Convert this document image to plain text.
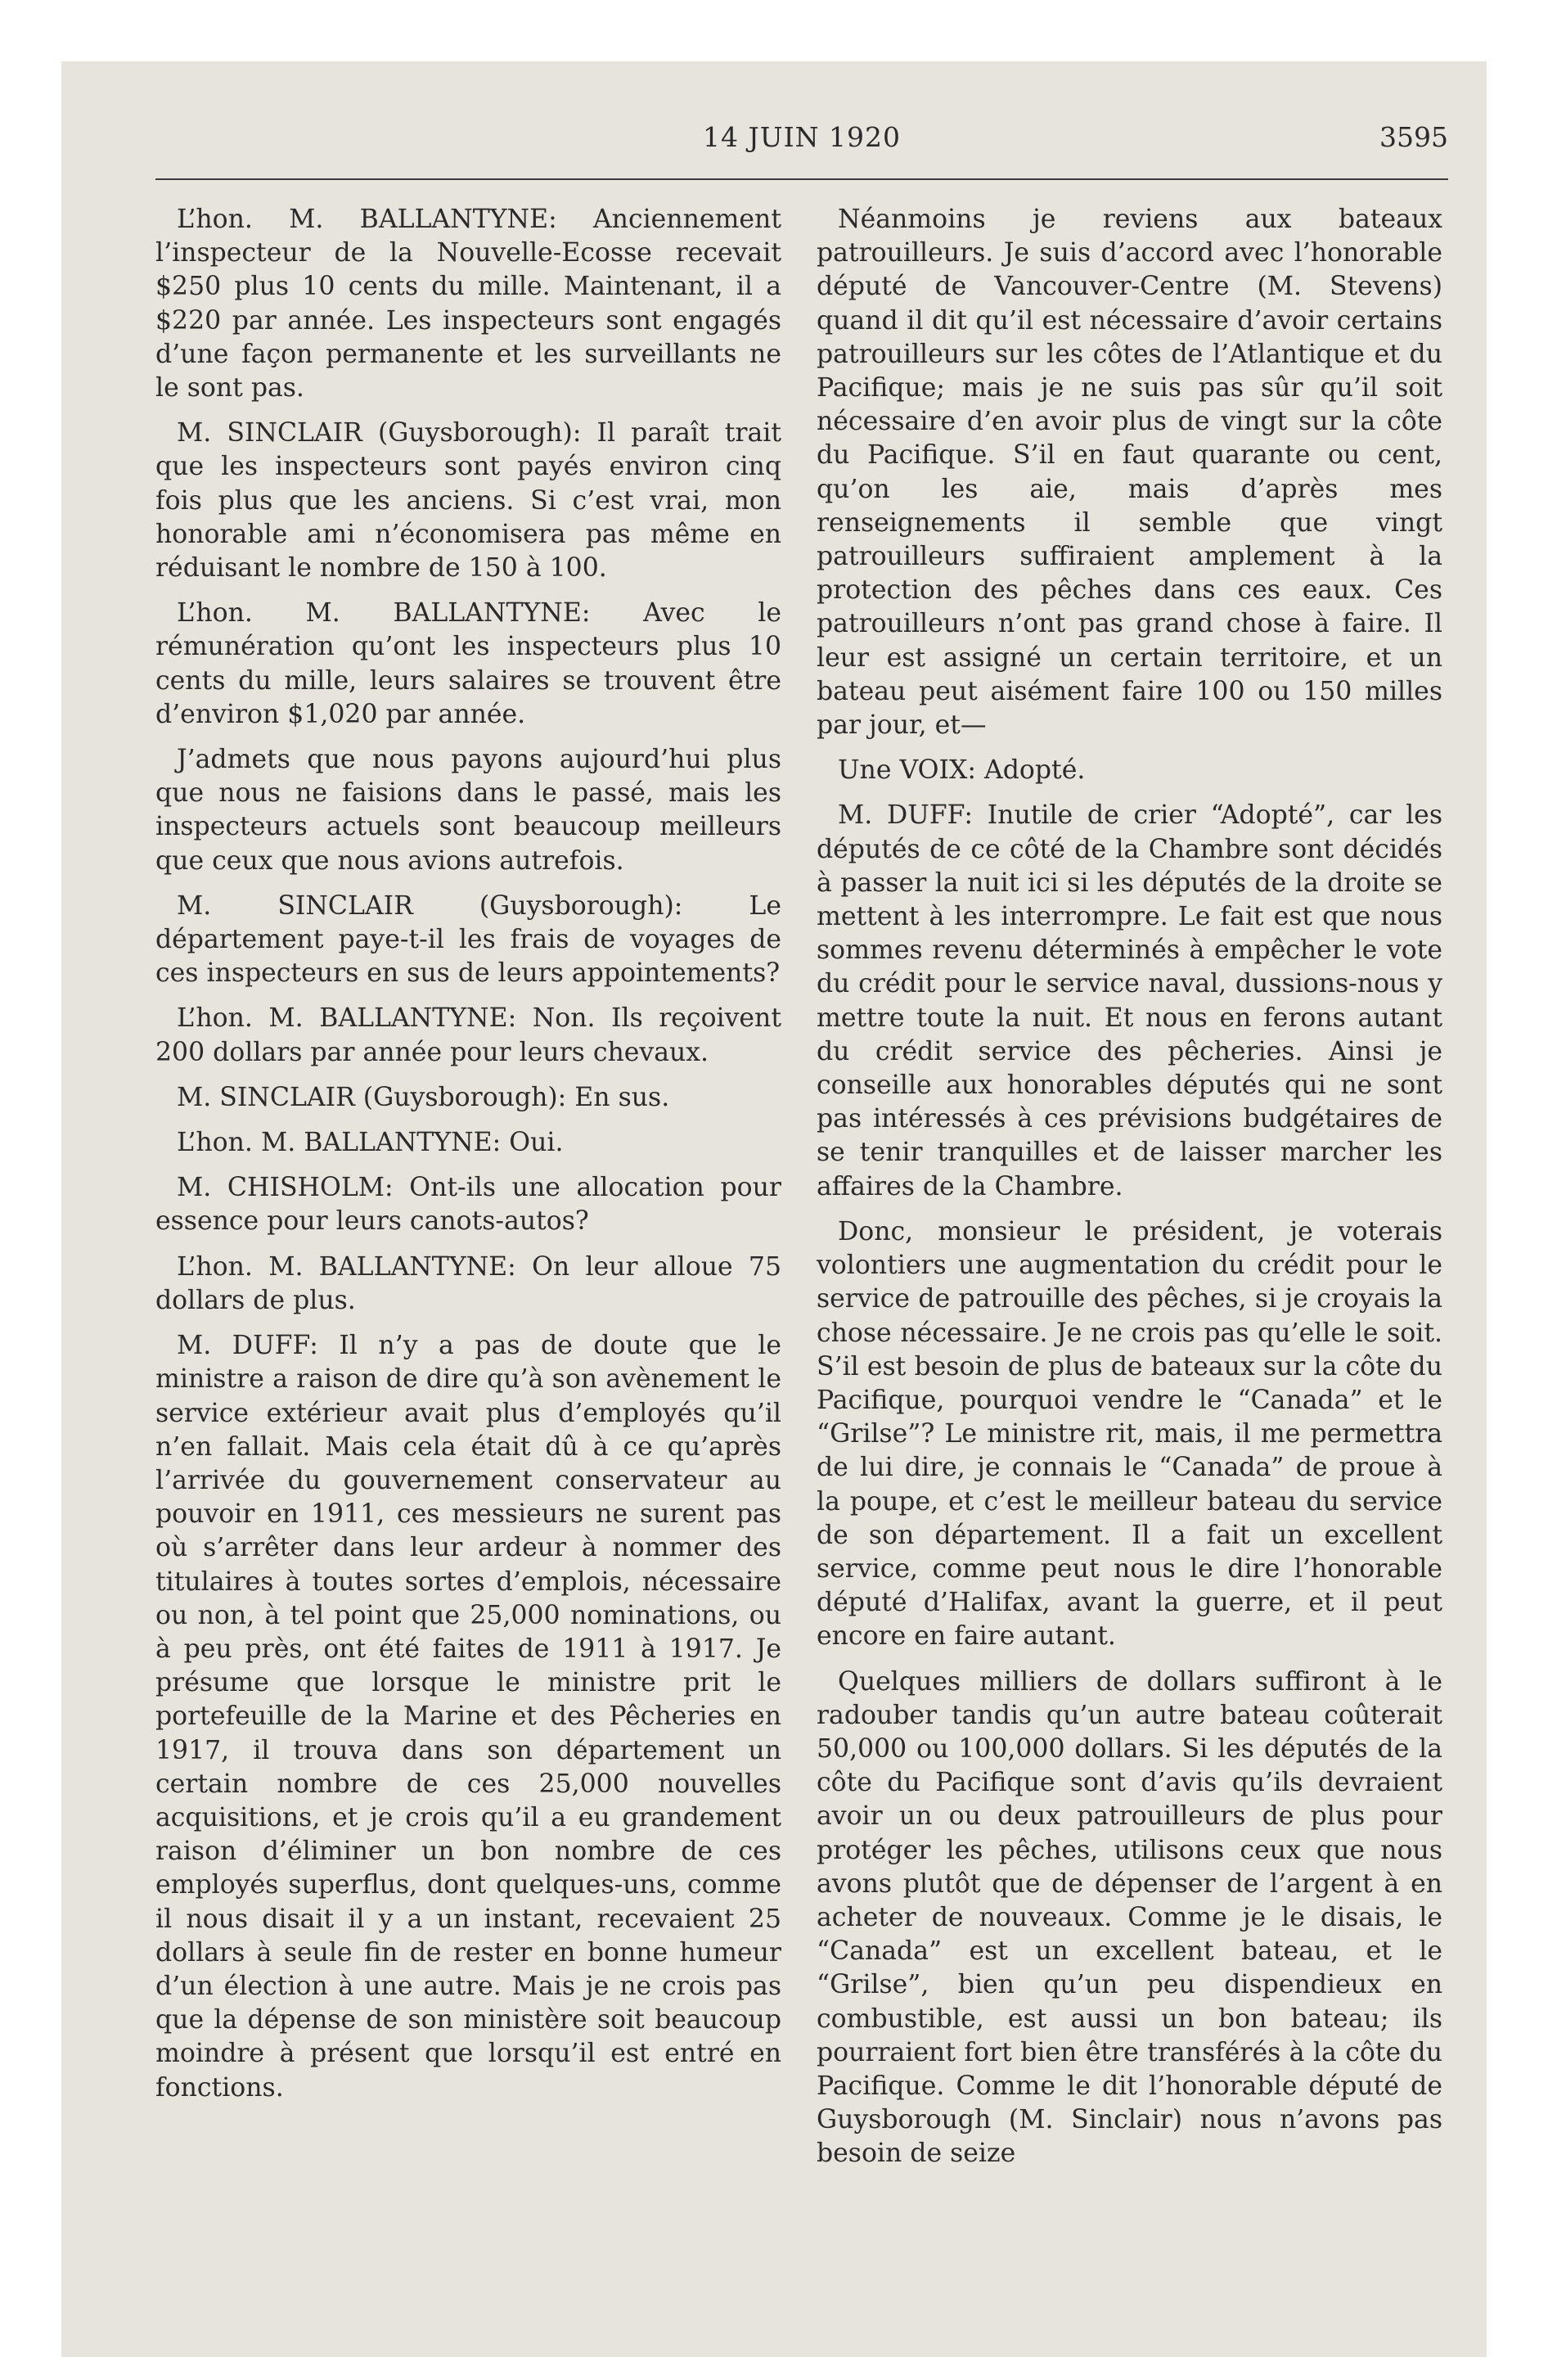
14 JUIN 1920	3595

L’hon. M. BALLANTYNE: Anciennement l’inspecteur de la Nouvelle-Ecosse recevait $250 plus 10 cents du mille. Maintenant, il a $220 par année. Les inspecteurs sont engagés d’une façon permanente et les surveillants ne le sont pas.

M. SINCLAIR (Guysborough): Il paraît trait que les inspecteurs sont payés environ cinq fois plus que les anciens. Si c’est vrai, mon honorable ami n’économisera pas même en réduisant le nombre de 150 à 100.

L’hon. M. BALLANTYNE: Avec le rémunération qu’ont les inspecteurs plus 10 cents du mille, leurs salaires se trouvent être d’environ $1,020 par année.

J’admets que nous payons aujourd’hui plus que nous ne faisions dans le passé, mais les inspecteurs actuels sont beaucoup meilleurs que ceux que nous avions autrefois.

M. SINCLAIR (Guysborough): Le département paye-t-il les frais de voyages de ces inspecteurs en sus de leurs appointements?

L’hon. M. BALLANTYNE: Non. Ils reçoivent 200 dollars par année pour leurs chevaux.

M. SINCLAIR (Guysborough): En sus.

L’hon. M. BALLANTYNE: Oui.

M. CHISHOLM: Ont-ils une allocation pour essence pour leurs canots-autos?

L’hon. M. BALLANTYNE: On leur alloue 75 dollars de plus.

M. DUFF: Il n’y a pas de doute que le ministre a raison de dire qu’à son avènement le service extérieur avait plus d’employés qu’il n’en fallait. Mais cela était dû à ce qu’après l’arrivée du gouvernement conservateur au pouvoir en 1911, ces messieurs ne surent pas où s’arrêter dans leur ardeur à nommer des titulaires à toutes sortes d’emplois, nécessaire ou non, à tel point que 25,000 nominations, ou à peu près, ont été faites de 1911 à 1917. Je présume que lorsque le ministre prit le portefeuille de la Marine et des Pêcheries en 1917, il trouva dans son département un certain nombre de ces 25,000 nouvelles acquisitions, et je crois qu’il a eu grandement raison d’éliminer un bon nombre de ces employés superflus, dont quelques-uns, comme il nous disait il y a un instant, recevaient 25 dollars à seule fin de rester en bonne humeur d’un élection à une autre. Mais je ne crois pas que la dépense de son ministère soit beaucoup moindre à présent que lorsqu’il est entré en fonctions.

Néanmoins je reviens aux bateaux patrouilleurs. Je suis d’accord avec l’honorable député de Vancouver-Centre (M. Stevens) quand il dit qu’il est nécessaire d’avoir certains patrouilleurs sur les côtes de l’Atlantique et du Pacifique; mais je ne suis pas sûr qu’il soit nécessaire d’en avoir plus de vingt sur la côte du Pacifique. S’il en faut quarante ou cent, qu’on les aie, mais d’après mes renseignements il semble que vingt patrouilleurs suffiraient amplement à la protection des pêches dans ces eaux. Ces patrouilleurs n’ont pas grand chose à faire. Il leur est assigné un certain territoire, et un bateau peut aisément faire 100 ou 150 milles par jour, et—

Une VOIX: Adopté.

M. DUFF: Inutile de crier “Adopté”, car les députés de ce côté de la Chambre sont décidés à passer la nuit ici si les députés de la droite se mettent à les interrompre. Le fait est que nous sommes revenu déterminés à empêcher le vote du crédit pour le service naval, dussions-nous y mettre toute la nuit. Et nous en ferons autant du crédit service des pêcheries. Ainsi je conseille aux honorables députés qui ne sont pas intéressés à ces prévisions budgétaires de se tenir tranquilles et de laisser marcher les affaires de la Chambre.

Donc, monsieur le président, je voterais volontiers une augmentation du crédit pour le service de patrouille des pêches, si je croyais la chose nécessaire. Je ne crois pas qu’elle le soit. S’il est besoin de plus de bateaux sur la côte du Pacifique, pourquoi vendre le “Canada” et le “Grilse”? Le ministre rit, mais, il me permettra de lui dire, je connais le “Canada” de proue à la poupe, et c’est le meilleur bateau du service de son département. Il a fait un excellent service, comme peut nous le dire l’honorable député d’Halifax, avant la guerre, et il peut encore en faire autant.

Quelques milliers de dollars suffiront à le radouber tandis qu’un autre bateau coûterait 50,000 ou 100,000 dollars. Si les députés de la côte du Pacifique sont d’avis qu’ils devraient avoir un ou deux patrouilleurs de plus pour protéger les pêches, utilisons ceux que nous avons plutôt que de dépenser de l’argent à en acheter de nouveaux. Comme je le disais, le “Canada” est un excellent bateau, et le “Grilse”, bien qu’un peu dispendieux en combustible, est aussi un bon bateau; ils pourraient fort bien être transférés à la côte du Pacifique. Comme le dit l’honorable député de Guysborough (M. Sinclair) nous n’avons pas besoin de seize
